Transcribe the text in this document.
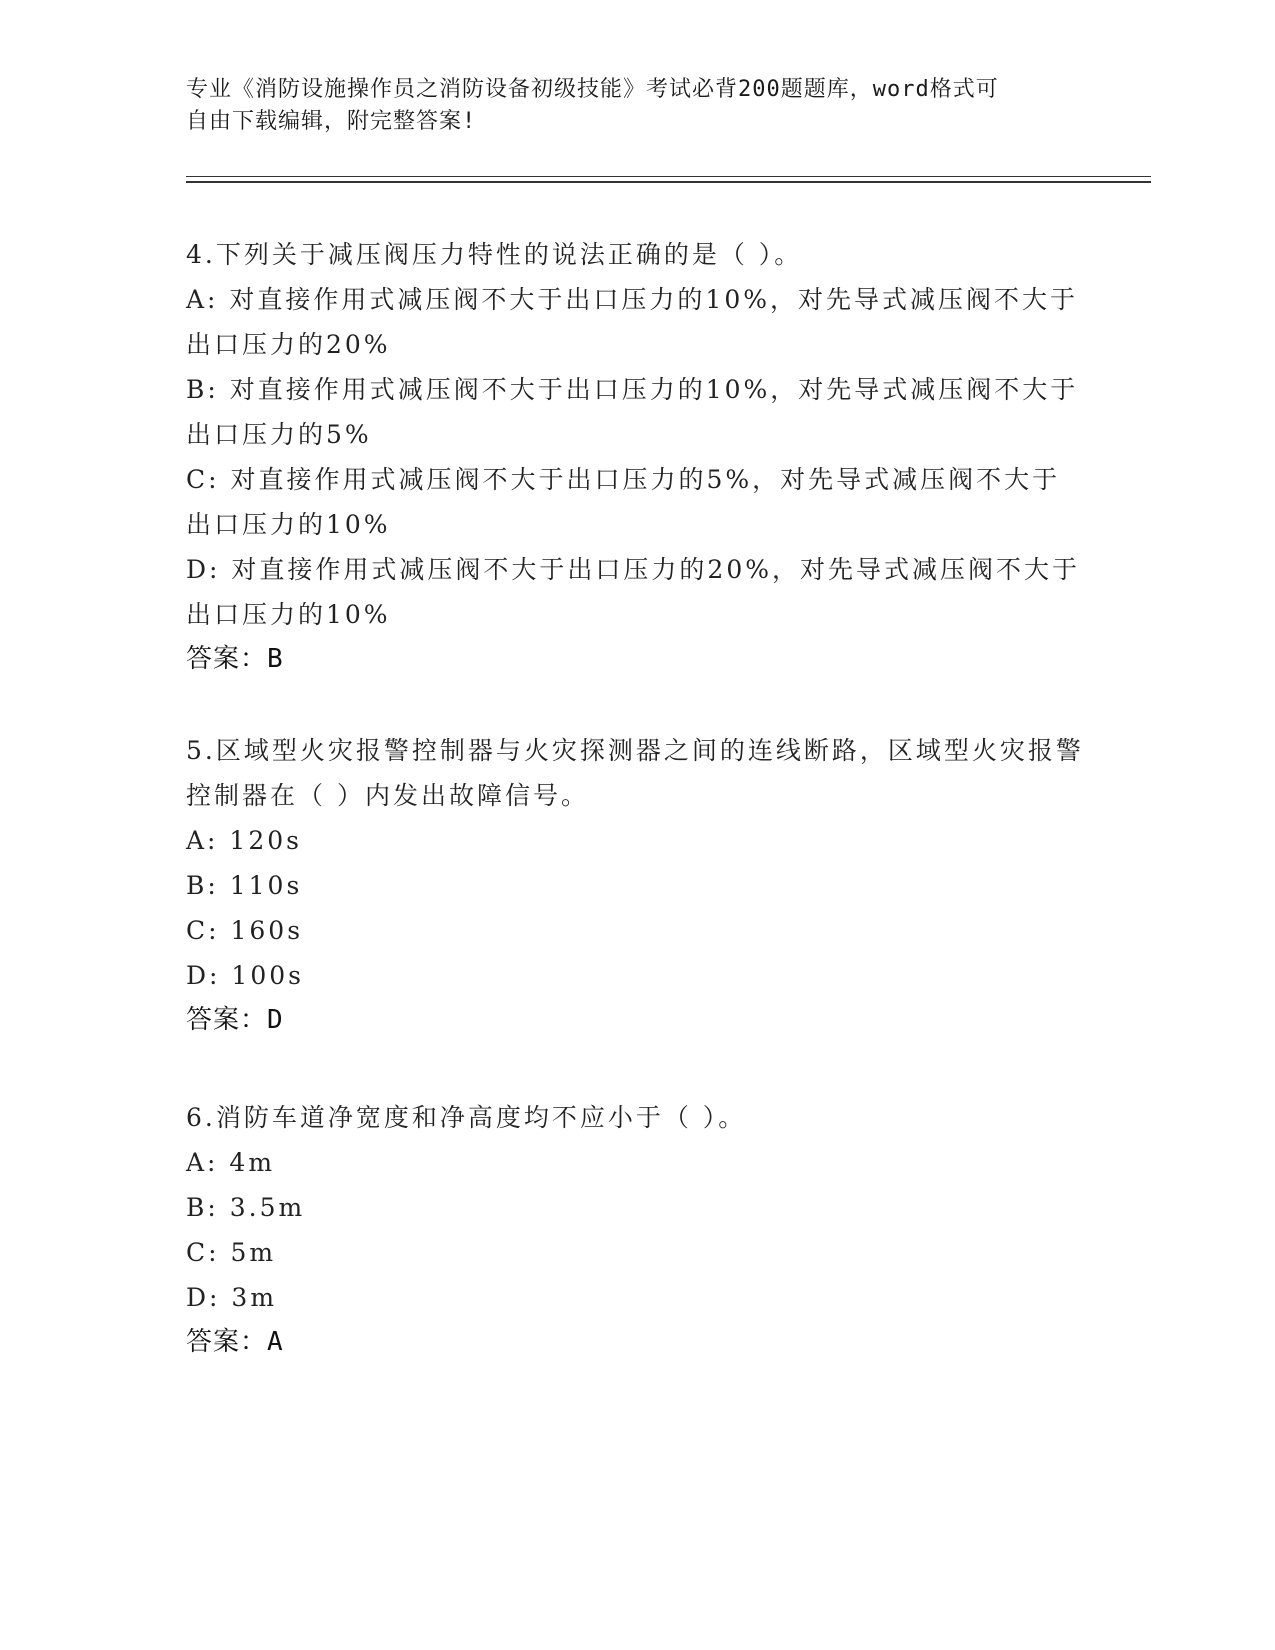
专业《消防设施操作员之消防设备初级技能》考试必背200题题库，word格式可
自由下载编辑，附完整答案!
4.下列关于减压阀压力特性的说法正确的是（ ）。
A: 对直接作用式减压阀不大于出口压力的10%，对先导式减压阀不大于出口压力的20%
B: 对直接作用式减压阀不大于出口压力的10%，对先导式减压阀不大于出口压力的5%
C: 对直接作用式减压阀不大于出口压力的5%，对先导式减压阀不大于出口压力的10%
D: 对直接作用式减压阀不大于出口压力的20%，对先导式减压阀不大于出口压力的10%
答案：B
5.区域型火灾报警控制器与火灾探测器之间的连线断路，区域型火灾报警控制器在（ ）内发出故障信号。
A: 120s
B: 110s
C: 160s
D: 100s
答案：D
6.消防车道净宽度和净高度均不应小于（ ）。
A: 4m
B: 3.5m
C: 5m
D: 3m
答案：A
